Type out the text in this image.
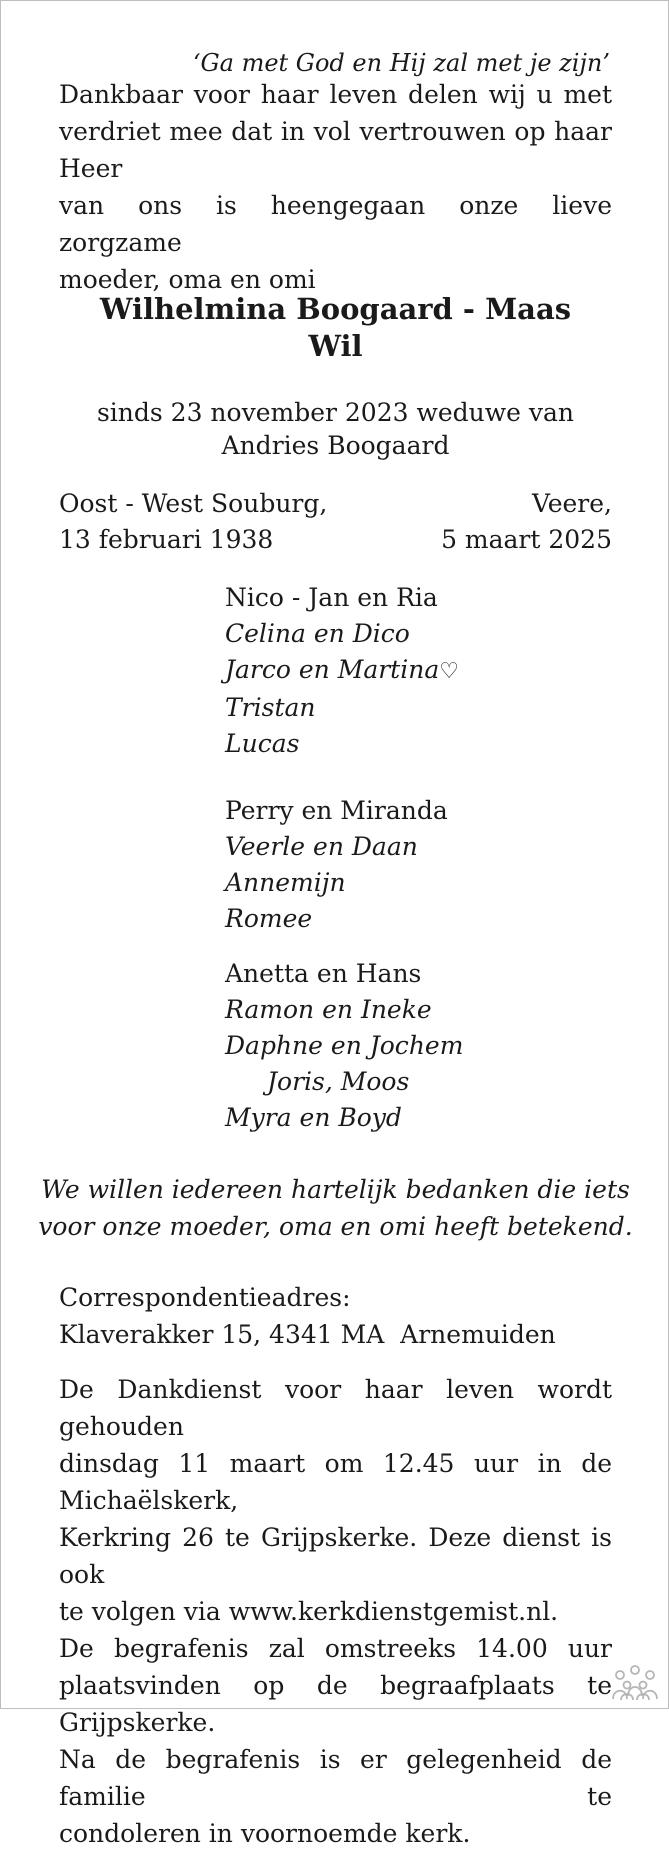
‘Ga met God en Hij zal met je zijn’
Dankbaar voor haar leven delen wij u met
verdriet mee dat in vol vertrouwen op haar Heer
van ons is heengegaan onze lieve zorgzame
moeder, oma en omi
Wilhelmina Boogaard - Maas
Wil
sinds 23 november 2023 weduwe van
Andries Boogaard
Oost - West Souburg,	Veere,
13 februari 1938	5 maart 2025
Nico - Jan en Ria
Celina en Dico
Jarco en Martina♡
Tristan
Lucas
Perry en Miranda
Veerle en Daan
Annemijn
Romee
Anetta en Hans
Ramon en Ineke
Daphne en Jochem
Joris, Moos
Myra en Boyd
We willen iedereen hartelijk bedanken die iets
voor onze moeder, oma en omi heeft betekend.
Correspondentieadres:
Klaverakker 15, 4341 MA  Arnemuiden
De Dankdienst voor haar leven wordt gehouden
dinsdag 11 maart om 12.45 uur in de Michaëlskerk,
Kerkring 26 te Grijpskerke. Deze dienst is ook
te volgen via www.kerkdienstgemist.nl.
De begrafenis zal omstreeks 14.00 uur
plaatsvinden op de begraafplaats te Grijpskerke.
Na de begrafenis is er gelegenheid de familie te
condoleren in voornoemde kerk.
